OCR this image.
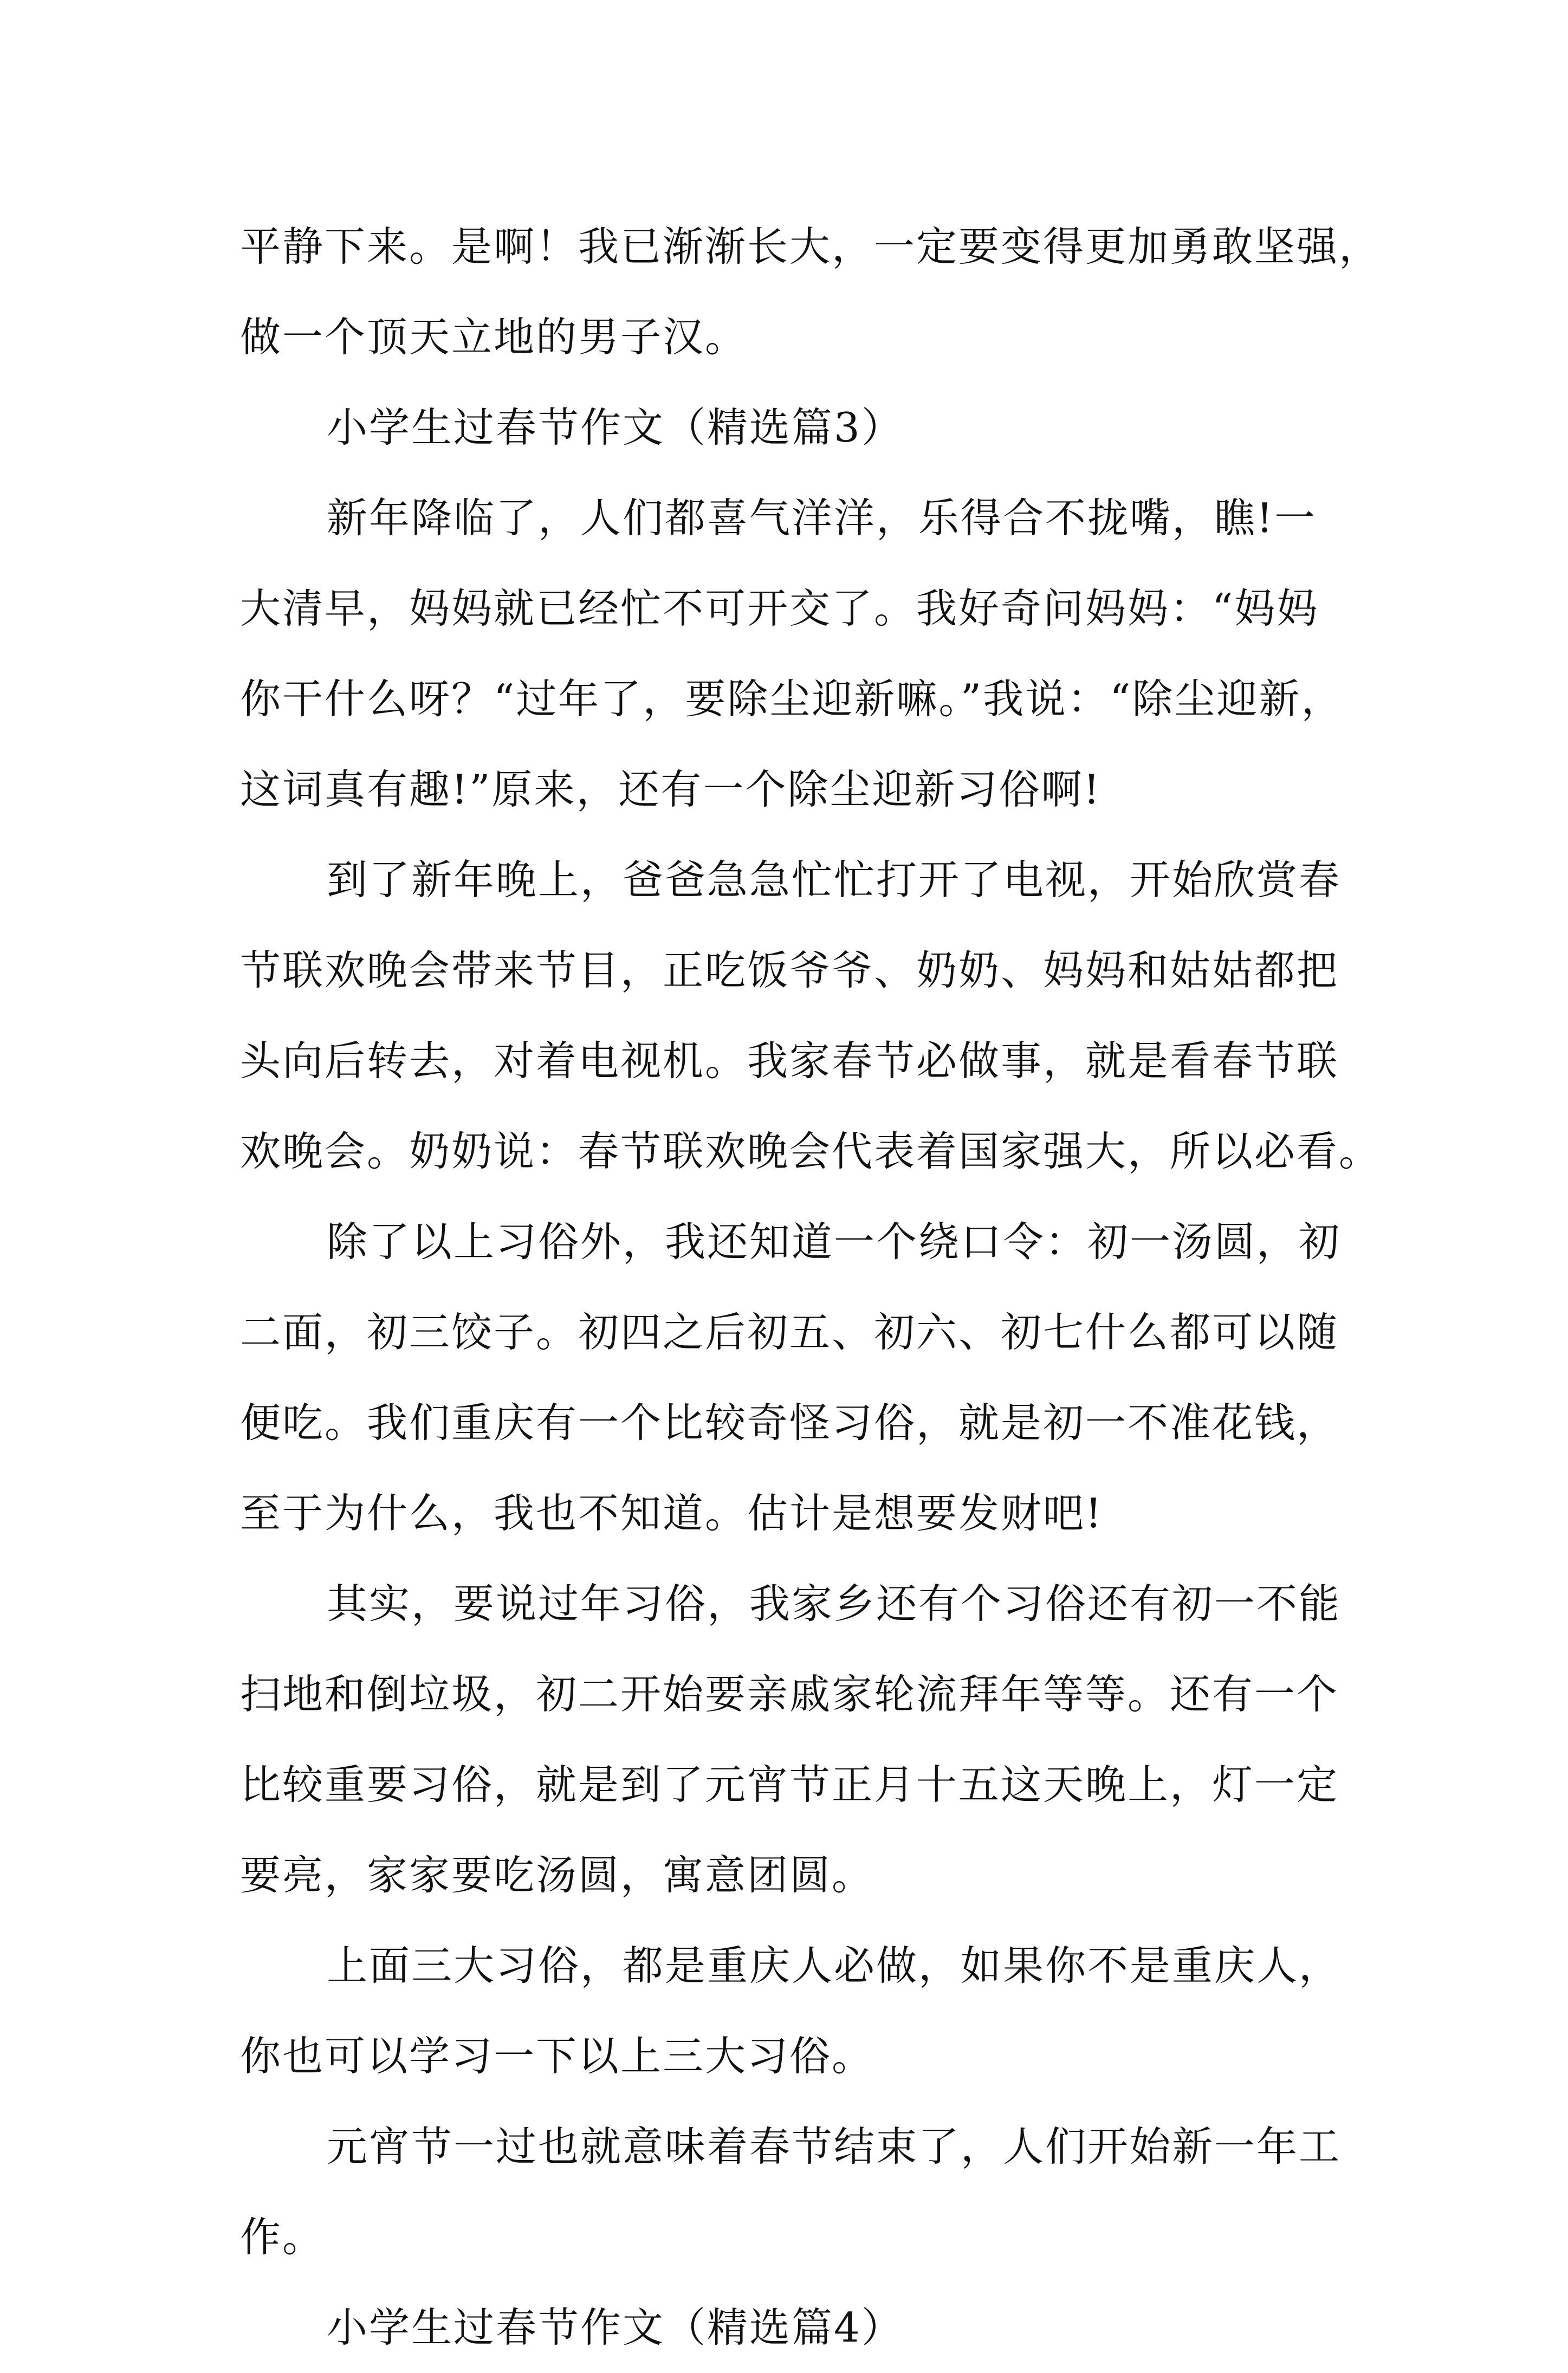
平静下来。是啊！我已渐渐长大，一定要变得更加勇敢坚强，
做一个顶天立地的男子汉。
小学生过春节作文（精选篇3）
新年降临了，人们都喜气洋洋，乐得合不拢嘴，瞧!一
大清早，妈妈就已经忙不可开交了。我好奇问妈妈：“妈妈
你干什么呀？“过年了，要除尘迎新嘛。”我说：“除尘迎新，
这词真有趣!”原来，还有一个除尘迎新习俗啊!
到了新年晚上，爸爸急急忙忙打开了电视，开始欣赏春
节联欢晚会带来节目，正吃饭爷爷、奶奶、妈妈和姑姑都把
头向后转去，对着电视机。我家春节必做事，就是看春节联
欢晚会。奶奶说：春节联欢晚会代表着国家强大，所以必看。
除了以上习俗外，我还知道一个绕口令：初一汤圆，初
二面，初三饺子。初四之后初五、初六、初七什么都可以随
便吃。我们重庆有一个比较奇怪习俗，就是初一不准花钱，
至于为什么，我也不知道。估计是想要发财吧!
其实，要说过年习俗，我家乡还有个习俗还有初一不能
扫地和倒垃圾，初二开始要亲戚家轮流拜年等等。还有一个
比较重要习俗，就是到了元宵节正月十五这天晚上，灯一定
要亮，家家要吃汤圆，寓意团圆。
上面三大习俗，都是重庆人必做，如果你不是重庆人，
你也可以学习一下以上三大习俗。
元宵节一过也就意味着春节结束了，人们开始新一年工
作。
小学生过春节作文（精选篇4）
